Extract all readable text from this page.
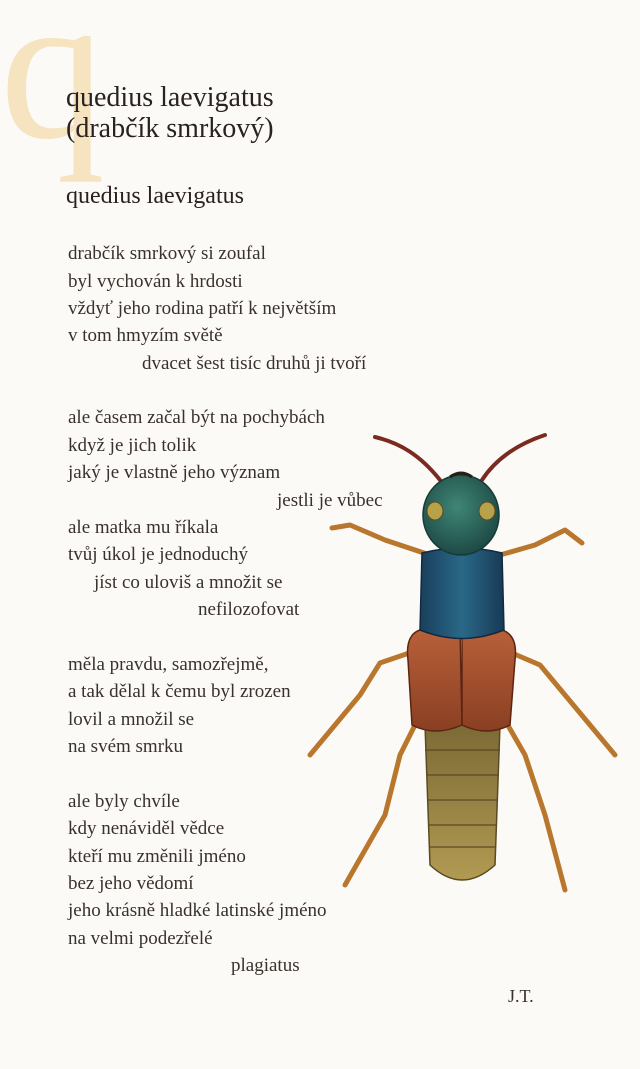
q
quedius laevigatus
(drabčík smrkový)
quedius laevigatus
drabčík smrkový si zoufal
byl vychován k hrdosti
vždyť jeho rodina patří k největším
v tom hmyzím světě
dvacet šest tisíc druhů ji tvoří
ale časem začal být na pochybách
když je jich tolik
jaký je vlastně jeho význam
jestli je vůbec
ale matka mu říkala
tvůj úkol je jednoduchý
jíst co uloviš a množit se
nefilozofovat
měla pravdu, samozřejmě,
a tak dělal k čemu byl zrozen
lovil a množil se
na svém smrku
ale byly chvíle
kdy nenáviděl vědce
kteří mu změnili jméno
bez jeho vědomí
jeho krásně hladké latinské jméno
na velmi podezřelé
plagiatus
J.T.
